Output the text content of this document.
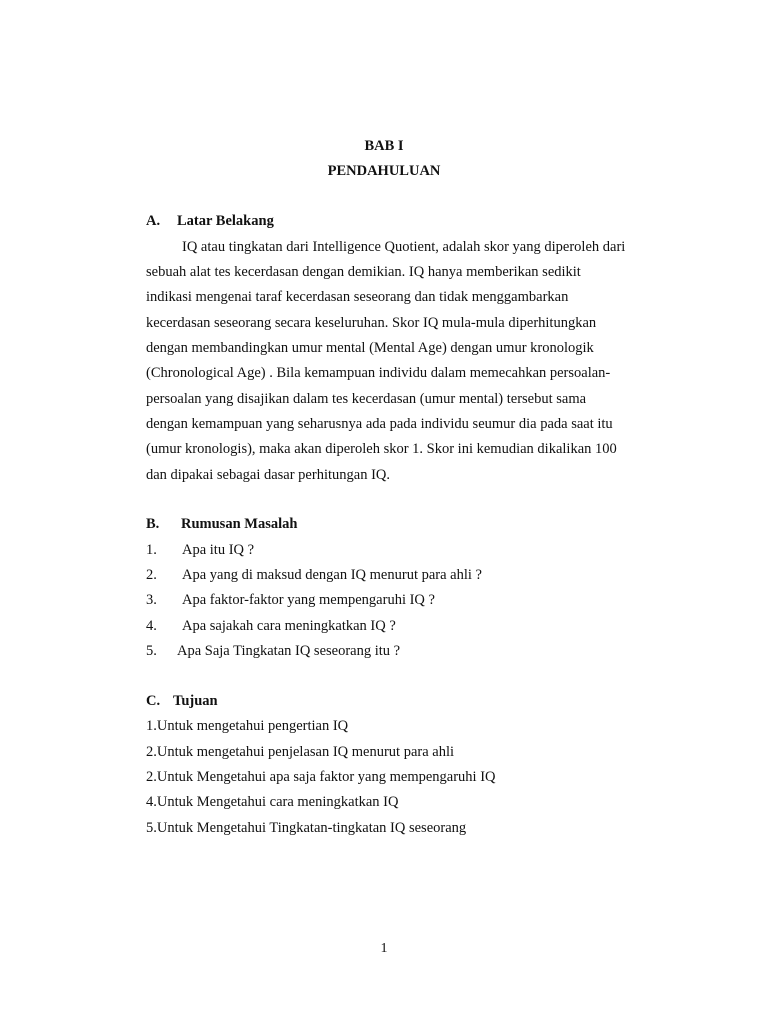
BAB I
PENDAHULUAN
A. Latar Belakang
IQ atau tingkatan dari Intelligence Quotient, adalah skor yang diperoleh dari
sebuah alat tes kecerdasan dengan demikian. IQ hanya memberikan sedikit
indikasi mengenai taraf kecerdasan seseorang dan tidak menggambarkan
kecerdasan seseorang secara keseluruhan. Skor IQ mula-mula diperhitungkan
dengan membandingkan umur mental (Mental Age) dengan umur kronologik
(Chronological Age) . Bila kemampuan individu dalam memecahkan persoalan-
persoalan yang disajikan dalam tes kecerdasan (umur mental) tersebut sama
dengan kemampuan yang seharusnya ada pada individu seumur dia pada saat itu
(umur kronologis), maka akan diperoleh skor 1. Skor ini kemudian dikalikan 100
dan dipakai sebagai dasar perhitungan IQ.
B. Rumusan Masalah
1. Apa itu IQ ?
2. Apa yang di maksud dengan IQ menurut para ahli ?
3. Apa faktor-faktor yang mempengaruhi IQ ?
4. Apa sajakah cara meningkatkan IQ ?
5. Apa Saja Tingkatan IQ seseorang itu ?
C. Tujuan
1.Untuk mengetahui pengertian IQ
2.Untuk mengetahui penjelasan IQ menurut para ahli
2.Untuk Mengetahui apa saja faktor yang mempengaruhi IQ
4.Untuk Mengetahui cara meningkatkan IQ
5.Untuk Mengetahui Tingkatan-tingkatan IQ seseorang
1
